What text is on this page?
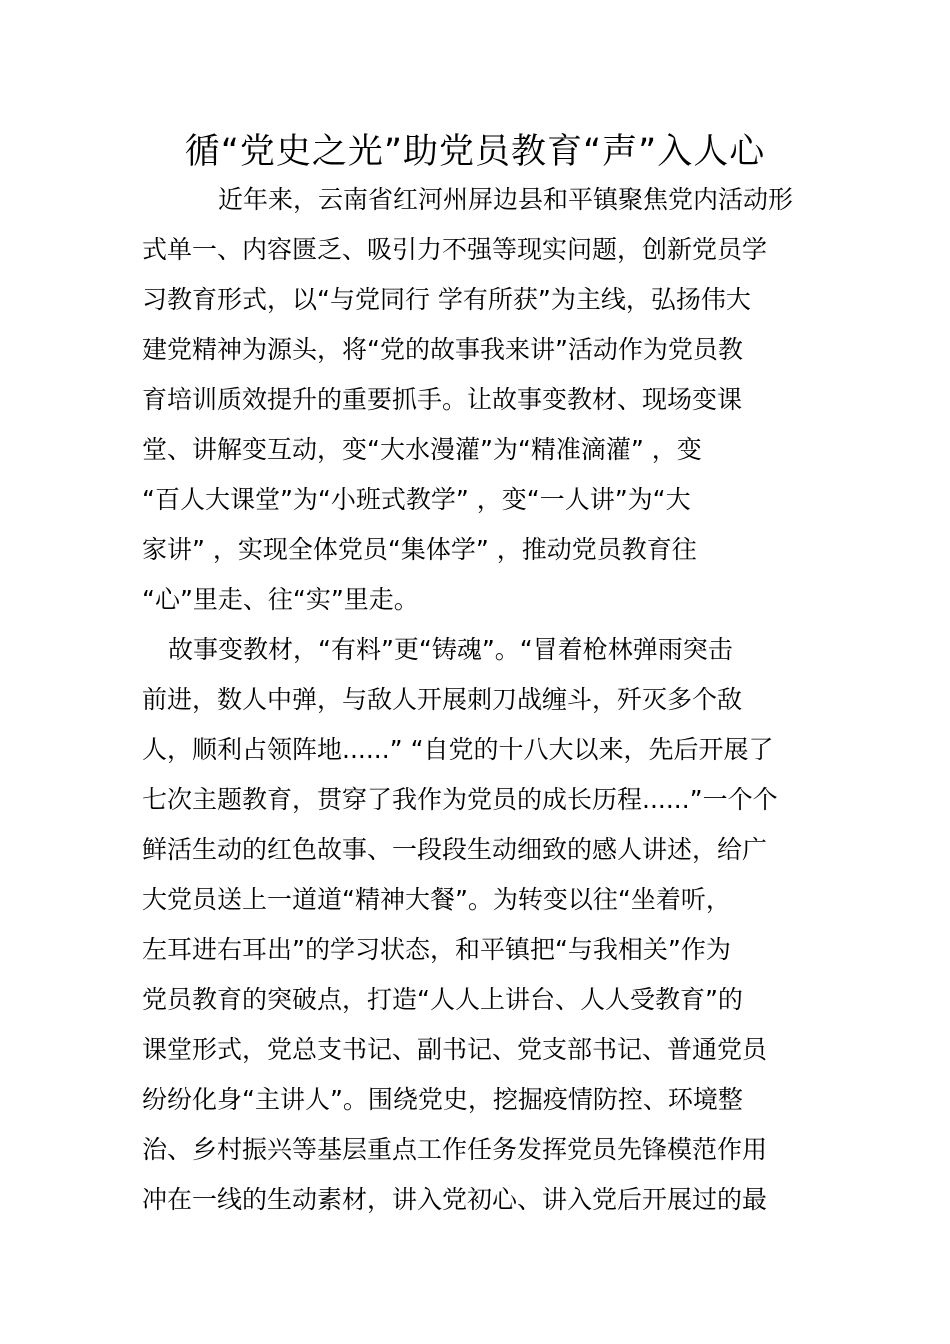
循“党史之光”助党员教育“声”入人心

近年来，云南省红河州屏边县和平镇聚焦党内活动形

式单一、内容匮乏、吸引力不强等现实问题，创新党员学

习教育形式，以“与党同行 学有所获”为主线，弘扬伟大

建党精神为源头，将“党的故事我来讲”活动作为党员教

育培训质效提升的重要抓手。让故事变教材、现场变课

堂、讲解变互动，变“大水漫灌”为“精准滴灌” ，变

“百人大课堂”为“小班式教学” ，变“一人讲”为“大

家讲” ，实现全体党员“集体学” ，推动党员教育往

“心”里走、往“实”里走。

故事变教材，“有料”更“铸魂”。“冒着枪林弹雨突击

前进，数人中弹，与敌人开展刺刀战缠斗，歼灭多个敌

人，顺利占领阵地......” “自党的十八大以来，先后开展了

七次主题教育，贯穿了我作为党员的成长历程......”一个个

鲜活生动的红色故事、一段段生动细致的感人讲述，给广

大党员送上一道道“精神大餐”。为转变以往“坐着听，

左耳进右耳出”的学习状态，和平镇把“与我相关”作为

党员教育的突破点，打造“人人上讲台、人人受教育”的

课堂形式，党总支书记、副书记、党支部书记、普通党员

纷纷化身“主讲人”。围绕党史，挖掘疫情防控、环境整

治、乡村振兴等基层重点工作任务发挥党员先锋模范作用

冲在一线的生动素材，讲入党初心、讲入党后开展过的最
